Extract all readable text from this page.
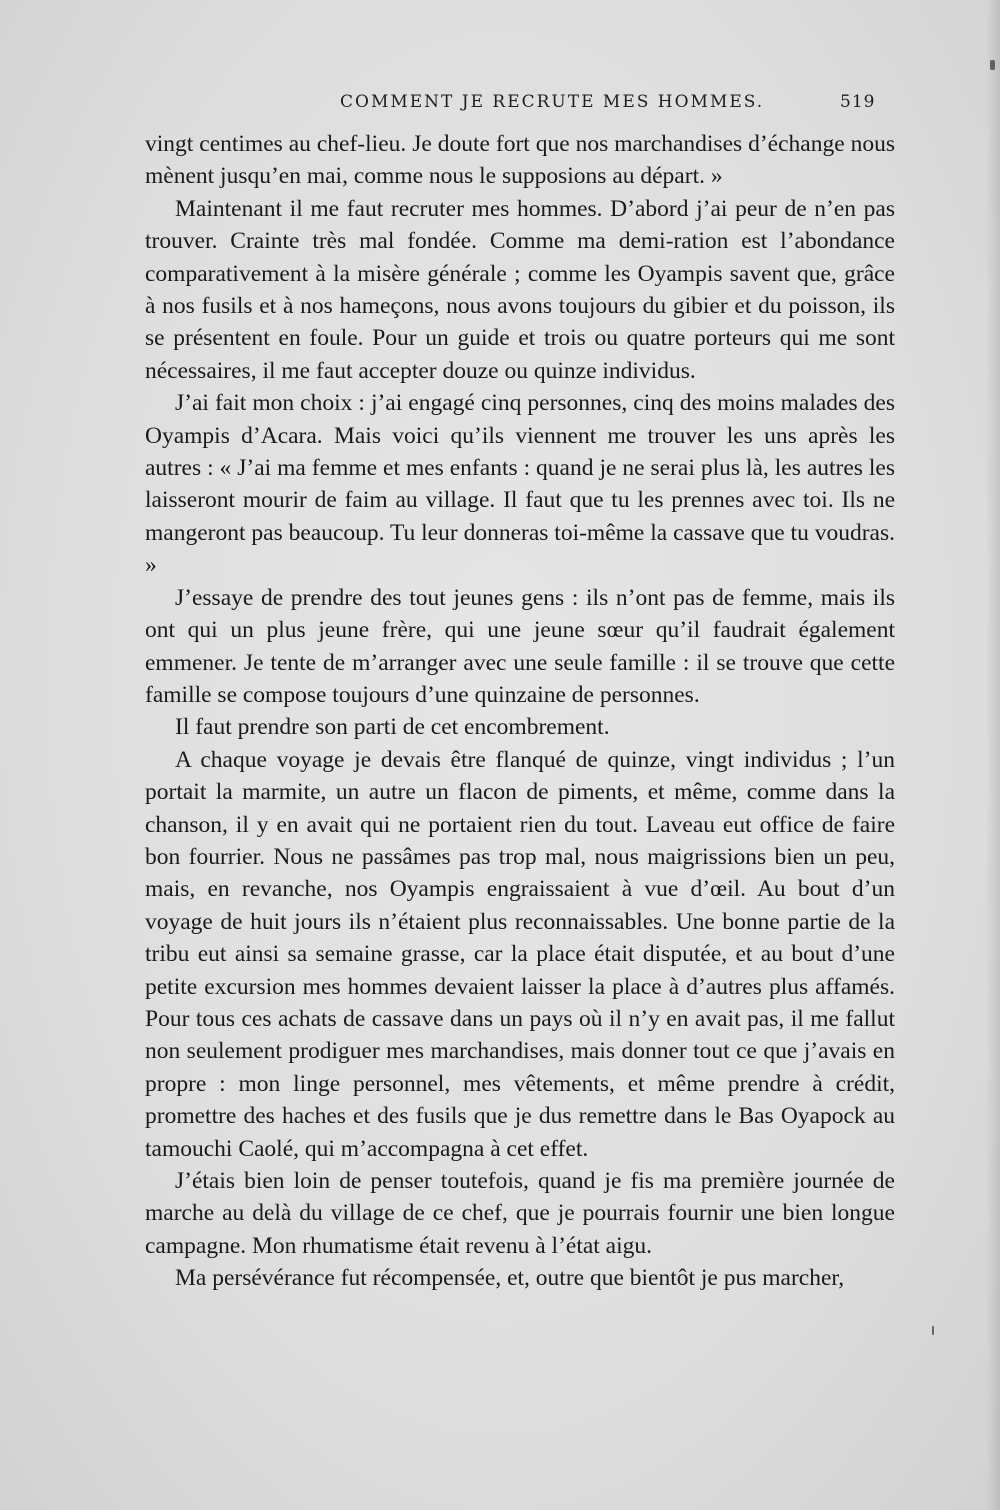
COMMENT JE RECRUTE MES HOMMES.	519

vingt centimes au chef-lieu. Je doute fort que nos marchandises d’échange nous mènent jusqu’en mai, comme nous le supposions au départ. »

Maintenant il me faut recruter mes hommes. D’abord j’ai peur de n’en pas trouver. Crainte très mal fondée. Comme ma demi-ration est l’abondance comparativement à la misère générale ; comme les Oyampis savent que, grâce à nos fusils et à nos hameçons, nous avons toujours du gibier et du poisson, ils se présentent en foule. Pour un guide et trois ou quatre porteurs qui me sont nécessaires, il me faut accepter douze ou quinze individus.

J’ai fait mon choix : j’ai engagé cinq personnes, cinq des moins malades des Oyampis d’Acara. Mais voici qu’ils viennent me trouver les uns après les autres : « J’ai ma femme et mes enfants : quand je ne serai plus là, les autres les laisseront mourir de faim au village. Il faut que tu les prennes avec toi. Ils ne mangeront pas beaucoup. Tu leur donneras toi-même la cassave que tu voudras. »

J’essaye de prendre des tout jeunes gens : ils n’ont pas de femme, mais ils ont qui un plus jeune frère, qui une jeune sœur qu’il faudrait également emmener. Je tente de m’arranger avec une seule famille : il se trouve que cette famille se compose toujours d’une quinzaine de personnes.

Il faut prendre son parti de cet encombrement.

A chaque voyage je devais être flanqué de quinze, vingt individus ; l’un portait la marmite, un autre un flacon de piments, et même, comme dans la chanson, il y en avait qui ne portaient rien du tout. Laveau eut office de faire bon fourrier. Nous ne passâmes pas trop mal, nous maigrissions bien un peu, mais, en revanche, nos Oyampis engraissaient à vue d’œil. Au bout d’un voyage de huit jours ils n’étaient plus reconnaissables. Une bonne partie de la tribu eut ainsi sa semaine grasse, car la place était disputée, et au bout d’une petite excursion mes hommes devaient laisser la place à d’autres plus affamés. Pour tous ces achats de cassave dans un pays où il n’y en avait pas, il me fallut non seulement prodiguer mes marchandises, mais donner tout ce que j’avais en propre : mon linge personnel, mes vêtements, et même prendre à crédit, promettre des haches et des fusils que je dus remettre dans le Bas Oyapock au tamouchi Caolé, qui m’accompagna à cet effet.

J’étais bien loin de penser toutefois, quand je fis ma première journée de marche au delà du village de ce chef, que je pourrais fournir une bien longue campagne. Mon rhumatisme était revenu à l’état aigu.

Ma persévérance fut récompensée, et, outre que bientôt je pus marcher,
